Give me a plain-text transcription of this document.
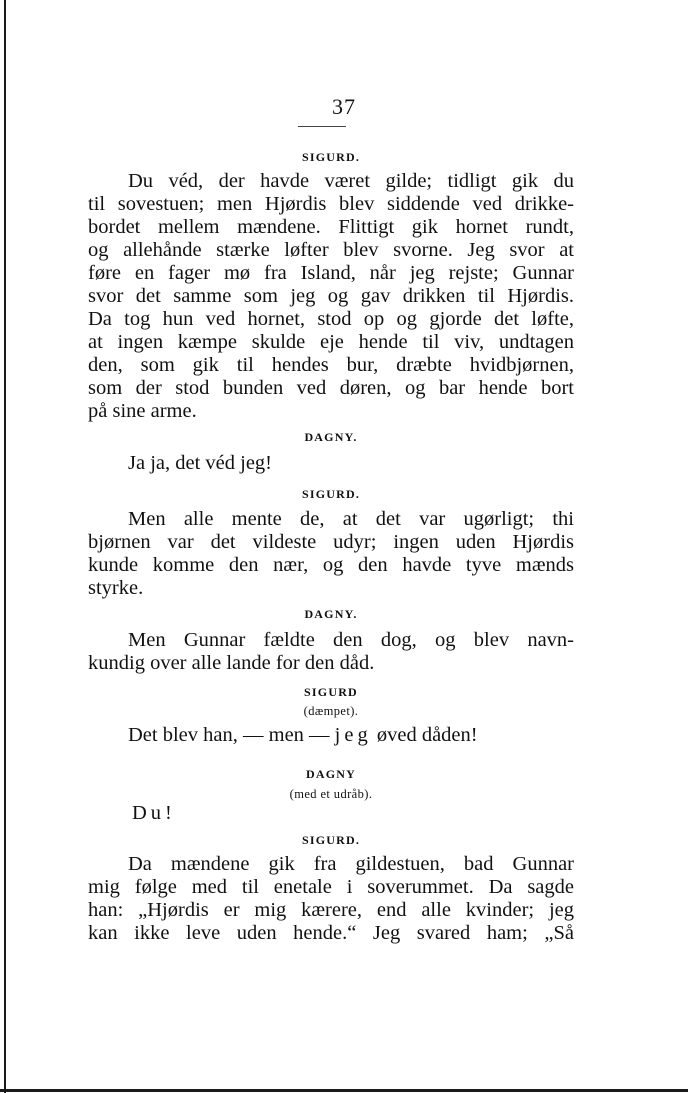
37
SIGURD.
Du véd, der havde været gilde; tidligt gik du
til sovestuen; men Hjørdis blev siddende ved drikke-
bordet mellem mændene. Flittigt gik hornet rundt,
og allehånde stærke løfter blev svorne. Jeg svor at
føre en fager mø fra Island, når jeg rejste; Gunnar
svor det samme som jeg og gav drikken til Hjørdis.
Da tog hun ved hornet, stod op og gjorde det løfte,
at ingen kæmpe skulde eje hende til viv, undtagen
den, som gik til hendes bur, dræbte hvidbjørnen,
som der stod bunden ved døren, og bar hende bort
på sine arme.
DAGNY.
Ja ja, det véd jeg!
SIGURD.
Men alle mente de, at det var ugørligt; thi
bjørnen var det vildeste udyr; ingen uden Hjørdis
kunde komme den nær, og den havde tyve mænds
styrke.
DAGNY.
Men Gunnar fældte den dog, og blev navn-
kundig over alle lande for den dåd.
SIGURD
(dæmpet).
Det blev han, — men — jeg øved dåden!
DAGNY
(med et udråb).
Du!
SIGURD.
Da mændene gik fra gildestuen, bad Gunnar
mig følge med til enetale i soverummet. Da sagde
han: „Hjørdis er mig kærere, end alle kvinder; jeg
kan ikke leve uden hende.“ Jeg svared ham; „Så
